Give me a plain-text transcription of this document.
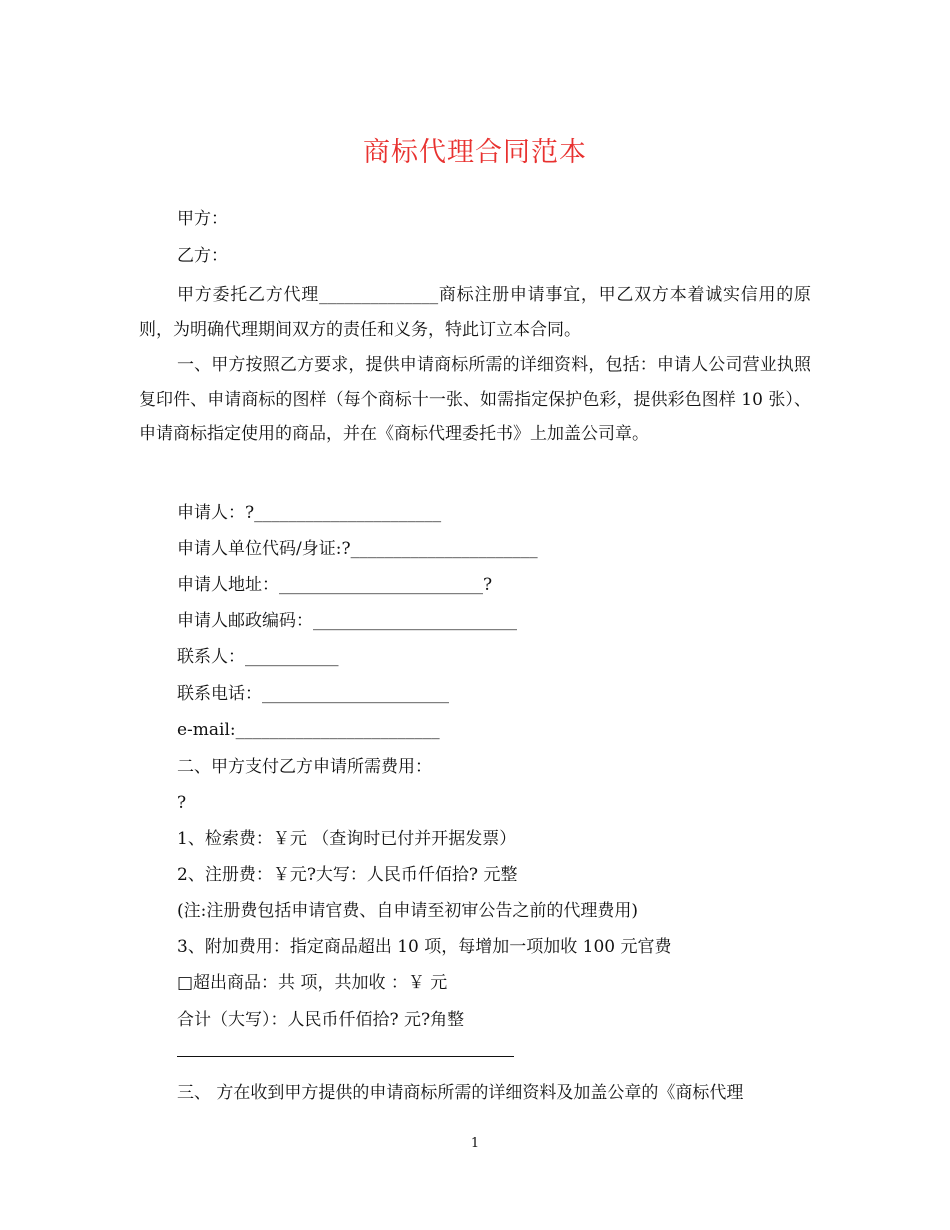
商标代理合同范本
甲方：
乙方：
甲方委托乙方代理______________商标注册申请事宜，甲乙双方本着诚实信用的原则，为明确代理期间双方的责任和义务，特此订立本合同。
一、甲方按照乙方要求，提供申请商标所需的详细资料，包括：申请人公司营业执照复印件、申请商标的图样（每个商标十一张、如需指定保护色彩，提供彩色图样 10 张）、申请商标指定使用的商品，并在《商标代理委托书》上加盖公司章。
申请人：?______________________
申请人单位代码/身证:?______________________
申请人地址：________________________?
申请人邮政编码：________________________
联系人：___________
联系电话：______________________
e-mail:________________________
二、甲方支付乙方申请所需费用：
?
1、检索费：￥元 （查询时已付并开据发票）
2、注册费：￥元?大写：人民币仟佰拾? 元整
(注:注册费包括申请官费、自申请至初审公告之前的代理费用)
3、附加费用：指定商品超出 10 项，每增加一项加收 100 元官费
□超出商品：共 项，共加收 ：￥ 元
合计（大写）：人民币仟佰拾? 元?角整
三、 方在收到甲方提供的申请商标所需的详细资料及加盖公章的《商标代理
1
